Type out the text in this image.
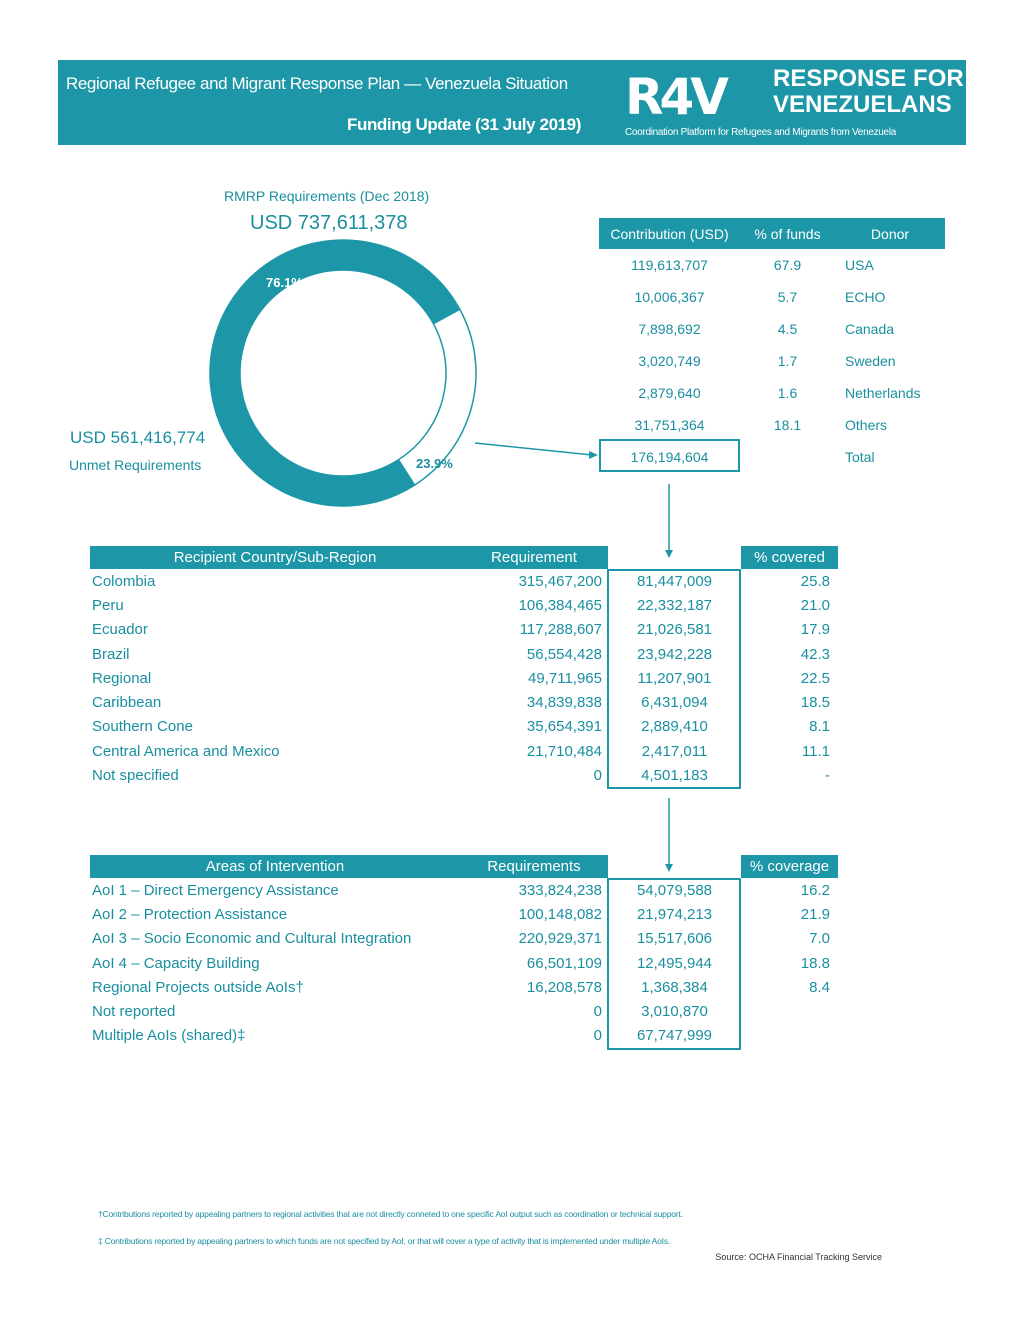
Regional Refugee and Migrant Response Plan — Venezuela Situation
Funding Update (31 July 2019) R4V RESPONSE FOR
VENEZUELANS
Coordination Platform for Refugees and Migrants from Venezuela
RMRP Requirements (Dec 2018)
USD 737,611,378
USD 561,416,774
Unmet Requirements
76.1%
23.9%
Contribution (USD)	% of funds	Donor
119,613,707	67.9	USA
10,006,367	5.7	ECHO
7,898,692	4.5	Canada
3,020,749	1.7	Sweden
2,879,640	1.6	Netherlands
31,751,364	18.1	Others
176,194,604		Total
Recipient Country/Sub-Region	Requirement		% covered
Colombia	315,467,200	81,447,009	25.8
Peru	106,384,465	22,332,187	21.0
Ecuador	117,288,607	21,026,581	17.9
Brazil	56,554,428	23,942,228	42.3
Regional	49,711,965	11,207,901	22.5
Caribbean	34,839,838	6,431,094	18.5
Southern Cone	35,654,391	2,889,410	8.1
Central America and Mexico	21,710,484	2,417,011	11.1
Not specified	0	4,501,183	-
Areas of Intervention	Requirements		% coverage
AoI 1 – Direct Emergency Assistance	333,824,238	54,079,588	16.2
AoI 2 – Protection Assistance	100,148,082	21,974,213	21.9
AoI 3 – Socio Economic and Cultural Integration	220,929,371	15,517,606	7.0
AoI 4 – Capacity Building	66,501,109	12,495,944	18.8
Regional Projects outside AoIs†	16,208,578	1,368,384	8.4
Not reported	0	3,010,870	
Multiple AoIs (shared)‡	0	67,747,999	
†Contributions reported by appealing partners to regional activities that are not directly conneted to one specific AoI output such as coordination or technical support.
‡ Contributions reported by appealing partners to which funds are not specified by AoI, or that will cover a type of activity that is implemented under multiple AoIs.
Source: OCHA Financial Tracking Service
